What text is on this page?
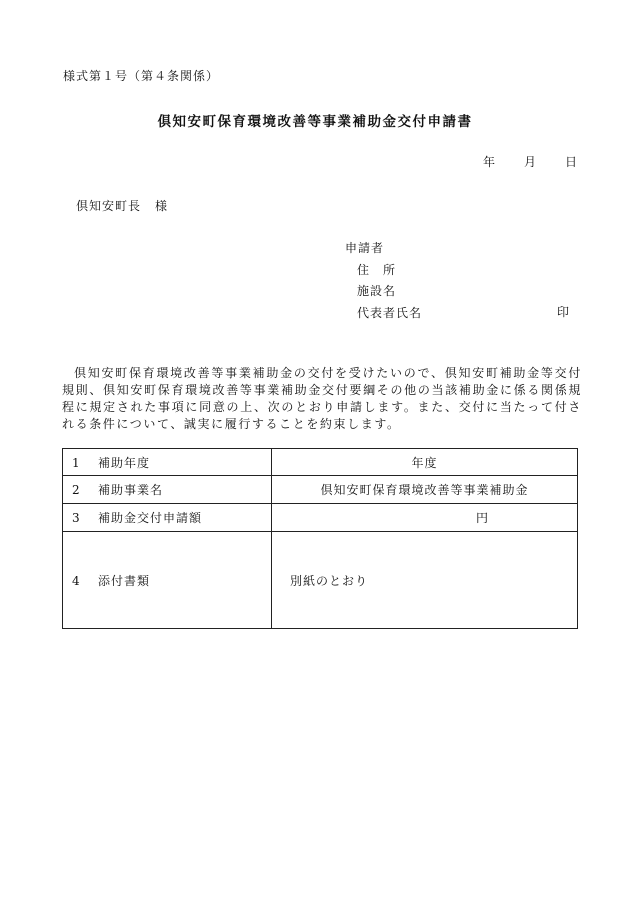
様式第１号（第４条関係）
倶知安町保育環境改善等事業補助金交付申請書
年 月 日
倶知安町長 様
申請者
住　所
施設名
代表者氏名	印
倶知安町保育環境改善等事業補助金の交付を受けたいので、倶知安町補助金等交付規則、倶知安町保育環境改善等事業補助金交付要綱その他の当該補助金に係る関係規程に規定された事項に同意の上、次のとおり申請します。また、交付に当たって付される条件について、誠実に履行することを約束します。
1 補助年度	年度
2 補助事業名	倶知安町保育環境改善等事業補助金
3 補助金交付申請額	円
4 添付書類	別紙のとおり
